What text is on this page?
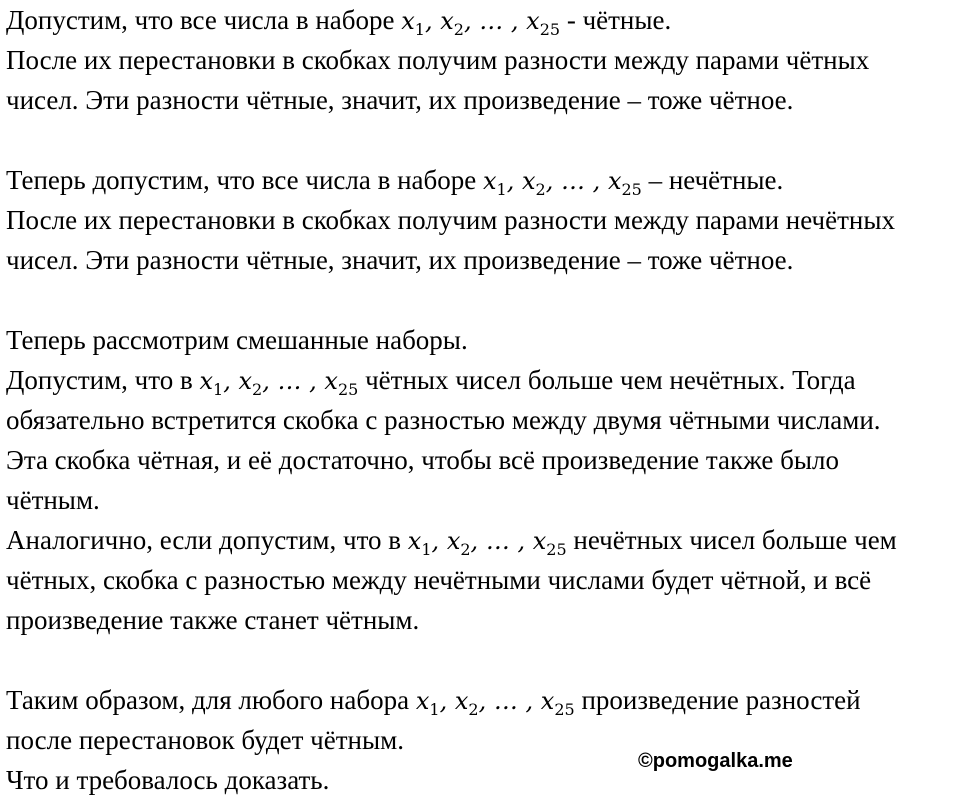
Допустим, что все числа в наборе $x_1$, $x_2$, … , $x_{25}$ - чётные.
После их перестановки в скобках получим разности между парами чётных
чисел. Эти разности чётные, значит, их произведение – тоже чётное.
Теперь допустим, что все числа в наборе $x_1$, $x_2$, … , $x_{25}$ – нечётные.
После их перестановки в скобках получим разности между парами нечётных
чисел. Эти разности чётные, значит, их произведение – тоже чётное.
Теперь рассмотрим смешанные наборы.
Допустим, что в $x_1$, $x_2$, … , $x_{25}$ чётных чисел больше чем нечётных. Тогда
обязательно встретится скобка с разностью между двумя чётными числами.
Эта скобка чётная, и её достаточно, чтобы всё произведение также было
чётным.
Аналогично, если допустим, что в $x_1$, $x_2$, … , $x_{25}$ нечётных чисел больше чем
чётных, скобка с разностью между нечётными числами будет чётной, и всё
произведение также станет чётным.
Таким образом, для любого набора $x_1$, $x_2$, … , $x_{25}$ произведение разностей
после перестановок будет чётным.
Что и требовалось доказать.
©pomogalka.me
